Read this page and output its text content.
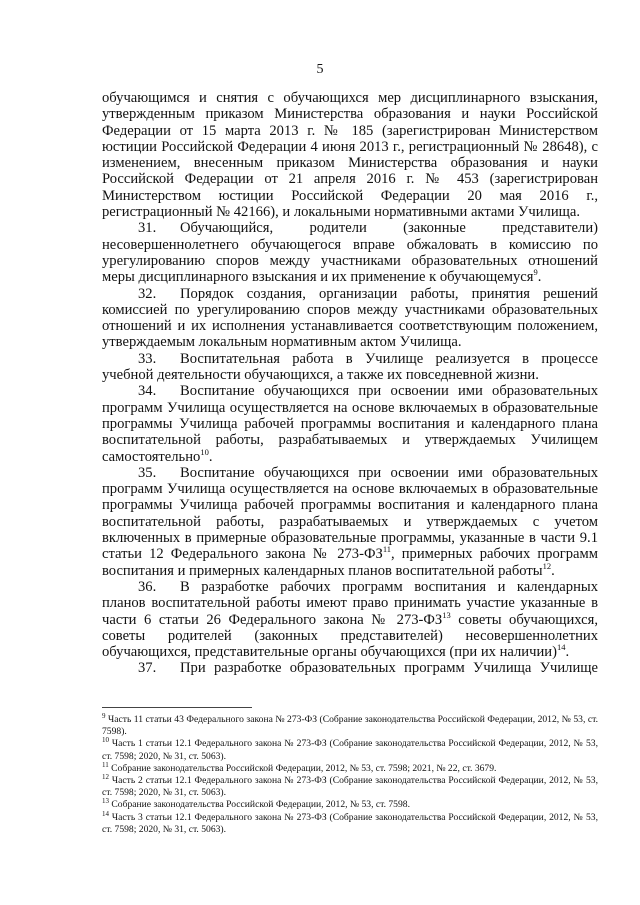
5

обучающимся и снятия с обучающихся мер дисциплинарного взыскания, утвержденным приказом Министерства образования и науки Российской Федерации от 15 марта 2013 г. № 185 (зарегистрирован Министерством юстиции Российской Федерации 4 июня 2013 г., регистрационный № 28648), с изменением, внесенным приказом Министерства образования и науки Российской Федерации от 21 апреля 2016 г. № 453 (зарегистрирован Министерством юстиции Российской Федерации 20 мая 2016 г., регистрационный № 42166), и локальными нормативными актами Училища.

31. Обучающийся, родители (законные представители) несовершеннолетнего обучающегося вправе обжаловать в комиссию по урегулированию споров между участниками образовательных отношений меры дисциплинарного взыскания и их применение к обучающемуся$^9$.

32. Порядок создания, организации работы, принятия решений комиссией по урегулированию споров между участниками образовательных отношений и их исполнения устанавливается соответствующим положением, утверждаемым локальным нормативным актом Училища.

33. Воспитательная работа в Училище реализуется в процессе учебной деятельности обучающихся, а также их повседневной жизни.

34. Воспитание обучающихся при освоении ими образовательных программ Училища осуществляется на основе включаемых в образовательные программы Училища рабочей программы воспитания и календарного плана воспитательной работы, разрабатываемых и утверждаемых Училищем самостоятельно$^{10}$.

35. Воспитание обучающихся при освоении ими образовательных программ Училища осуществляется на основе включаемых в образовательные программы Училища рабочей программы воспитания и календарного плана воспитательной работы, разрабатываемых и утверждаемых с учетом включенных в примерные образовательные программы, указанные в части 9.1 статьи 12 Федерального закона № 273-ФЗ$^{11}$, примерных рабочих программ воспитания и примерных календарных планов воспитательной работы$^{12}$.

36. В разработке рабочих программ воспитания и календарных планов воспитательной работы имеют право принимать участие указанные в части 6 статьи 26 Федерального закона № 273-ФЗ$^{13}$ советы обучающихся, советы родителей (законных представителей) несовершеннолетних обучающихся, представительные органы обучающихся (при их наличии)$^{14}$.

37. При разработке образовательных программ Училища Училище

$^9$ Часть 11 статьи 43 Федерального закона № 273-ФЗ (Собрание законодательства Российской Федерации, 2012, № 53, ст. 7598).

$^{10}$ Часть 1 статьи 12.1 Федерального закона № 273-ФЗ (Собрание законодательства Российской Федерации, 2012, № 53, ст. 7598; 2020, № 31, ст. 5063).

$^{11}$ Собрание законодательства Российской Федерации, 2012, № 53, ст. 7598; 2021, № 22, ст. 3679.

$^{12}$ Часть 2 статьи 12.1 Федерального закона № 273-ФЗ (Собрание законодательства Российской Федерации, 2012, № 53, ст. 7598; 2020, № 31, ст. 5063).

$^{13}$ Собрание законодательства Российской Федерации, 2012, № 53, ст. 7598.

$^{14}$ Часть 3 статьи 12.1 Федерального закона № 273-ФЗ (Собрание законодательства Российской Федерации, 2012, № 53, ст. 7598; 2020, № 31, ст. 5063).
